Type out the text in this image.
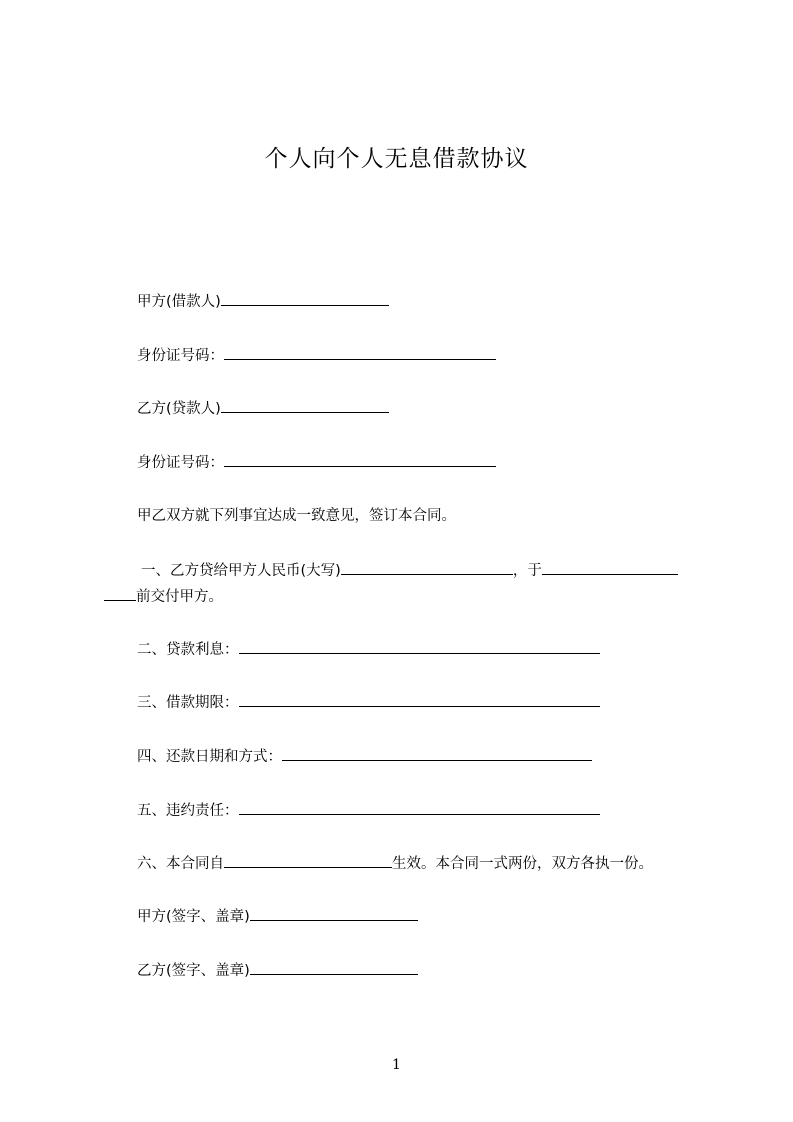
个人向个人无息借款协议
甲方(借款人)
身份证号码：
乙方(贷款人)
身份证号码：
甲乙双方就下列事宜达成一致意见，签订本合同。
一、乙方贷给甲方人民币(大写)	，于
前交付甲方。
二、贷款利息：
三、借款期限：
四、还款日期和方式：
五、违约责任：
六、本合同自	生效。本合同一式两份，双方各执一份。
甲方(签字、盖章)
乙方(签字、盖章)
1
